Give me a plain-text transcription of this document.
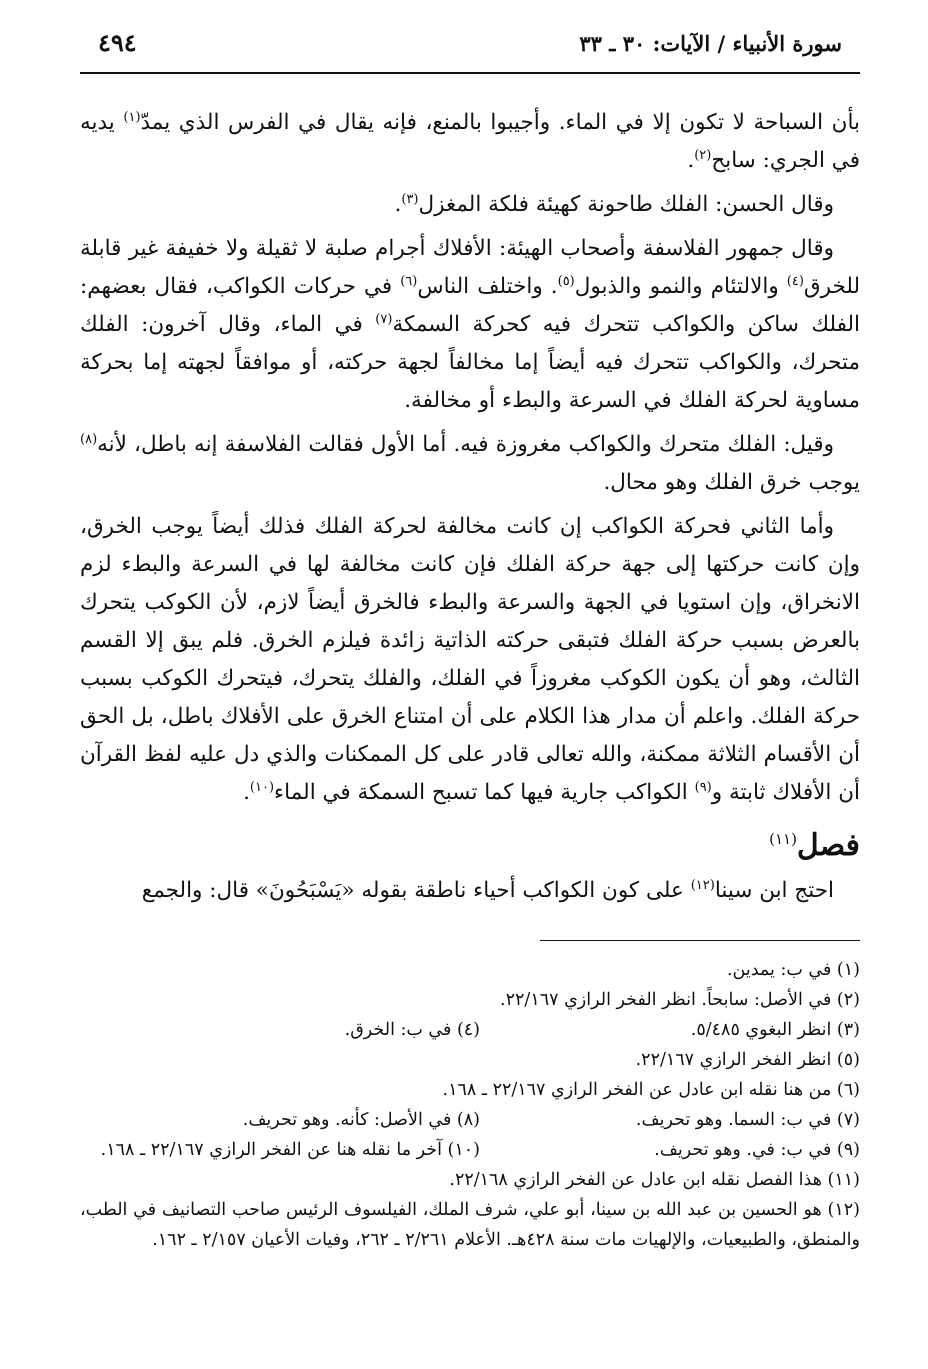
سورة الأنبياء / الآيات: ٣٠ ـ ٣٣
٤٩٤

بأن السباحة لا تكون إلا في الماء. وأجيبوا بالمنع، فإنه يقال في الفرس الذي يمدّ$^{(١)}$ يديه في الجري: سابح$^{(٢)}$.

وقال الحسن: الفلك طاحونة كهيئة فلكة المغزل$^{(٣)}$.

وقال جمهور الفلاسفة وأصحاب الهيئة: الأفلاك أجرام صلبة لا ثقيلة ولا خفيفة غير قابلة للخرق$^{(٤)}$ والالتئام والنمو والذبول$^{(٥)}$. واختلف الناس$^{(٦)}$ في حركات الكواكب، فقال بعضهم: الفلك ساكن والكواكب تتحرك فيه كحركة السمكة$^{(٧)}$ في الماء، وقال آخرون: الفلك متحرك، والكواكب تتحرك فيه أيضاً إما مخالفاً لجهة حركته، أو موافقاً لجهته إما بحركة مساوية لحركة الفلك في السرعة والبطء أو مخالفة.

وقيل: الفلك متحرك والكواكب مغروزة فيه. أما الأول فقالت الفلاسفة إنه باطل، لأنه$^{(٨)}$ يوجب خرق الفلك وهو محال.

وأما الثاني فحركة الكواكب إن كانت مخالفة لحركة الفلك فذلك أيضاً يوجب الخرق، وإن كانت حركتها إلى جهة حركة الفلك فإن كانت مخالفة لها في السرعة والبطء لزم الانخراق، وإن استويا في الجهة والسرعة والبطء فالخرق أيضاً لازم، لأن الكوكب يتحرك بالعرض بسبب حركة الفلك فتبقى حركته الذاتية زائدة فيلزم الخرق. فلم يبق إلا القسم الثالث، وهو أن يكون الكوكب مغروزاً في الفلك، والفلك يتحرك، فيتحرك الكوكب بسبب حركة الفلك. واعلم أن مدار هذا الكلام على أن امتناع الخرق على الأفلاك باطل، بل الحق أن الأقسام الثلاثة ممكنة، والله تعالى قادر على كل الممكنات والذي دل عليه لفظ القرآن أن الأفلاك ثابتة و$^{(٩)}$ الكواكب جارية فيها كما تسبح السمكة في الماء$^{(١٠)}$.

فصل$^{(١١)}$

احتج ابن سينا$^{(١٢)}$ على كون الكواكب أحياء ناطقة بقوله «يَسْبَحُونَ» قال: والجمع

(١) في ب: يمدين.
(٢) في الأصل: سابحاً. انظر الفخر الرازي ٢٢/١٦٧.
(٣) انظر البغوي ٥/٤٨٥.
(٤) في ب: الخرق.
(٥) انظر الفخر الرازي ٢٢/١٦٧.
(٦) من هنا نقله ابن عادل عن الفخر الرازي ٢٢/١٦٧ ـ ١٦٨.
(٧) في ب: السما. وهو تحريف.
(٨) في الأصل: كأنه. وهو تحريف.
(٩) في ب: في. وهو تحريف.
(١٠) آخر ما نقله هنا عن الفخر الرازي ٢٢/١٦٧ ـ ١٦٨.
(١١) هذا الفصل نقله ابن عادل عن الفخر الرازي ٢٢/١٦٨.
(١٢) هو الحسين بن عبد الله بن سينا، أبو علي، شرف الملك، الفيلسوف الرئيس صاحب التصانيف في الطب، والمنطق، والطبيعيات، والإلهيات مات سنة ٤٢٨هـ. الأعلام ٢/٢٦١ ـ ٢٦٢، وفيات الأعيان ٢/١٥٧ ـ ١٦٢.
